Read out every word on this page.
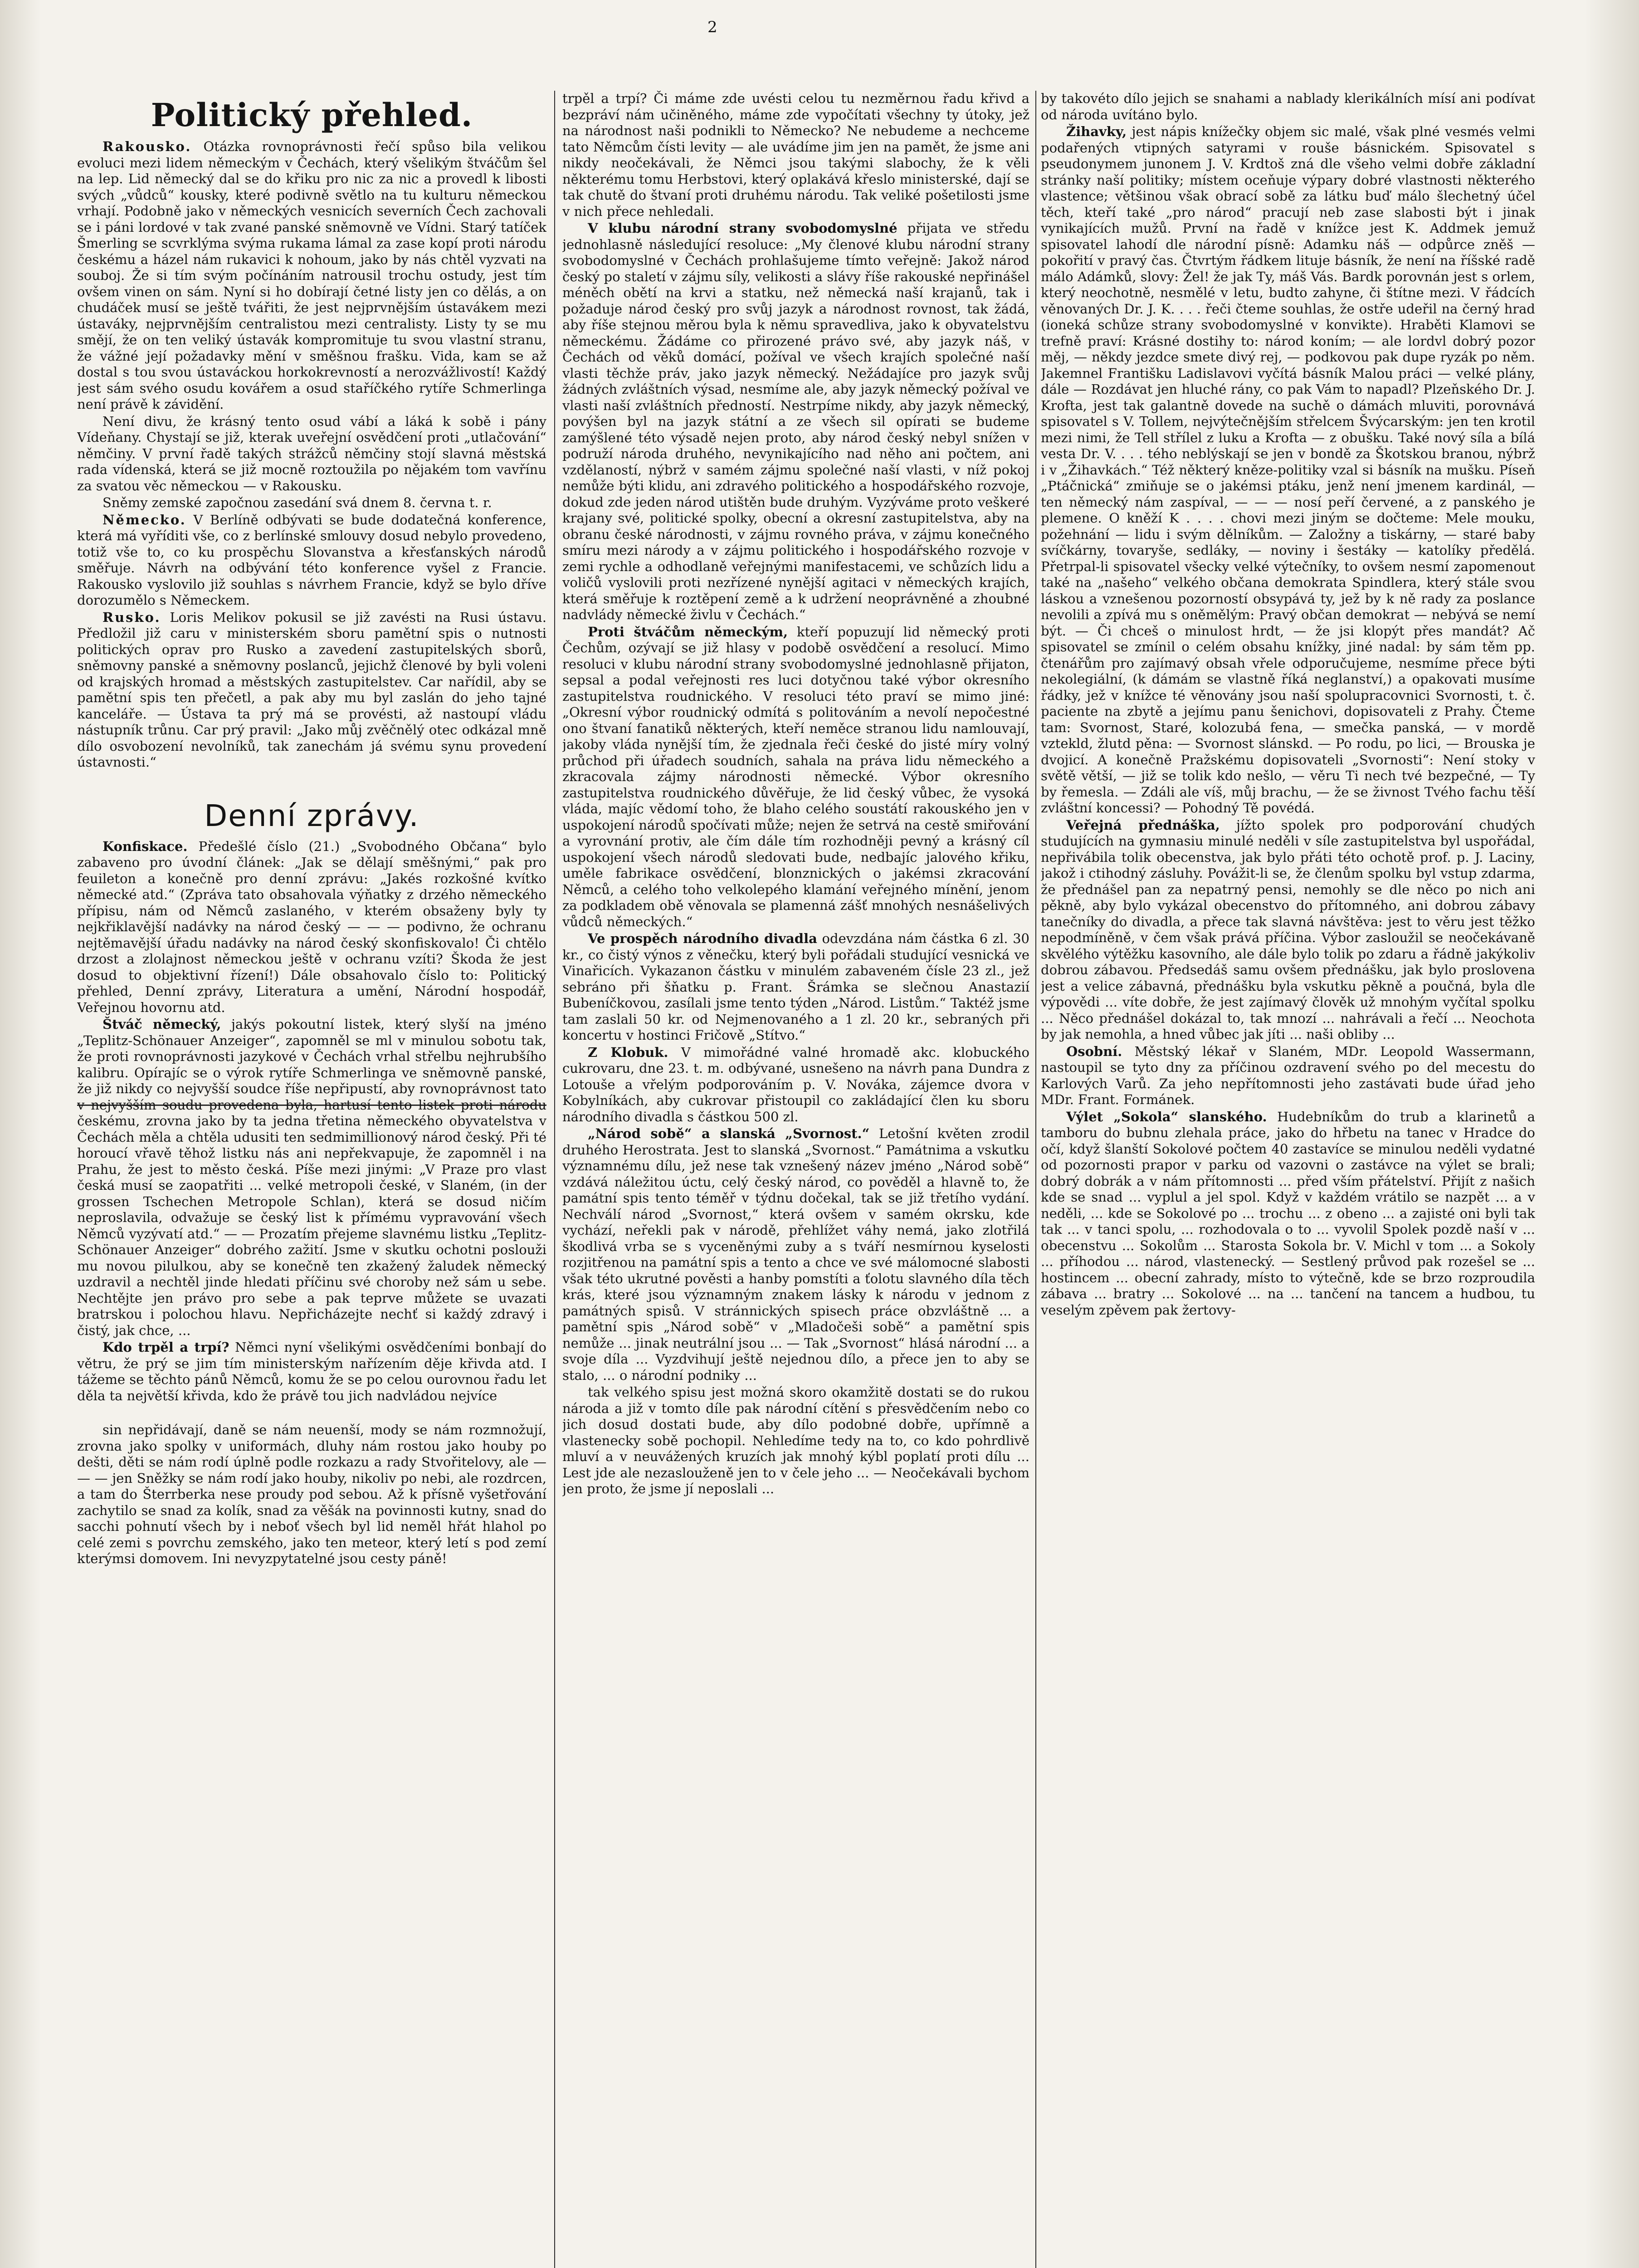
2
Politický přehled.

Rakousko. Otázka rovnoprávnosti řečí spůso bila velikou evoluci mezi lidem německým v Čechách, který všelikým štváčům šel na lep. Lid německý dal se do křiku pro nic za nic a provedl k libosti svých „vůdců“ kousky, které podivně světlo na tu kulturu německou vrhají. Podobně jako v německých vesnicích severních Čech zachovali se i páni lordové v tak zvané panské sněmovně ve Vídni. Starý tatíček Šmerling se scvrklýma svýma rukama lámal za zase kopí proti národu českému a házel nám rukavici k nohoum, jako by nás chtěl vyzvati na souboj. Že si tím svým počínáním natrousil trochu ostudy, jest tím ovšem vinen on sám. Nyní si ho dobírají četné listy jen co dělás, a on chudáček musí se ještě tvářiti, že jest nejprvnějším ústavákem mezi ústaváky, nejprvnějším centralistou mezi centralisty. Listy ty se mu smějí, že on ten veliký ústavák kompromituje tu svou vlastní stranu, že vážné její požadavky mění v směšnou frašku. Vida, kam se až dostal s tou svou ústaváckou horkokrevností a nerozvážlivostí! Každý jest sám svého osudu kovářem a osud staříčkého rytíře Schmerlinga není právě k závidění.

Není divu, že krásný tento osud vábí a láká k sobě i pány Vídeňany. Chystají se již, kterak uveřejní osvědčení proti „utlačování“ němčiny. V první řadě takých strážců němčiny stojí slavná městská rada vídenská, která se již mocně roztoužila po nějakém tom vavřínu za svatou věc německou — v Rakousku.

Sněmy zemské započnou zasedání svá dnem 8. června t. r.

Německo. V Berlíně odbývati se bude dodatečná konference, která má vyříditi vše, co z berlínské smlouvy dosud nebylo provedeno, totiž vše to, co ku prospěchu Slovanstva a křesťanských národů směřuje. Návrh na odbývání této konference vyšel z Francie. Rakousko vyslovilo již souhlas s návrhem Francie, když se bylo dříve dorozumělo s Německem.

Rusko. Loris Melikov pokusil se již zavésti na Rusi ústavu. Předložil již caru v ministerském sboru pamětní spis o nutnosti politických oprav pro Rusko a zavedení zastupitelských sborů, sněmovny panské a sněmovny poslanců, jejichž členové by byli voleni od krajských hromad a městských zastupitelstev. Car nařídil, aby se pamětní spis ten přečetl, a pak aby mu byl zaslán do jeho tajné kanceláře. — Ústava ta prý má se provésti, až nastoupí vládu nástupník trůnu. Car prý pravil: „Jako můj zvěčnělý otec odkázal mně dílo osvobození nevolníků, tak zanechám já svému synu provedení ústavnosti.“

Denní zprávy.

Konfiskace. Předešlé číslo (21.) „Svobodného Občana“ bylo zabaveno pro úvodní článek: „Jak se dělají směšnými,“ pak pro feuileton a konečně pro denní zprávu: „Jakés rozkošné kvítko německé atd.“ (Zpráva tato obsahovala výňatky z drzého německého přípisu, nám od Němců zaslaného, v kterém obsaženy byly ty nejkřiklavější nadávky na národ český — — — podivno, že ochranu nejtěmavější úřadu nadávky na národ český skonfiskovalo! Či chtělo drzost a zlolajnost německou ještě v ochranu vzíti? Škoda že jest dosud to objektivní řízení!) Dále obsahovalo číslo to: Politický přehled, Denní zprávy, Literatura a umění, Národní hospodář, Veřejnou hovornu atd.

Štváč německý, jakýs pokoutní listek, který slyší na jméno „Teplitz-Schönauer Anzeiger“, zapomněl se ml v minulou sobotu tak, že proti rovnoprávnosti jazykové v Čechách vrhal střelbu nejhrubšího kalibru. Opírajíc se o výrok rytíře Schmerlinga ve sněmovně panské, že již nikdy co nejvyšší soudce říše nepřipustí, aby rovnoprávnost tato v nejvyšším soudu provedena byla, hartusí tento listek proti národu českému, zrovna jako by ta jedna třetina německého obyvatelstva v Čechách měla a chtěla udusiti ten sedmimillionový národ český. Při té horoucí vřavě těhož listku nás ani nepřekvapuje, že zapomněl i na Prahu, že jest to město česká. Píše mezi jinými: „V Praze pro vlast česká musí se zaopatřiti ... velké metropoli české, v Slaném, (in der grossen Tschechen Metropole Schlan), která se dosud ničím neproslavila, odvažuje se český list k přímému vypravování všech Němců vyzývatí atd.“ — — Prozatím přejeme slavnému listku „Teplitz-Schönauer Anzeiger“ dobrého zažití. Jsme v skutku ochotni poslouži mu novou pilulkou, aby se konečně ten zkažený žaludek německý uzdravil a nechtěl jinde hledati příčinu své choroby než sám u sebe. Nechtějte jen právo pro sebe a pak teprve můžete se uvazati bratrskou i polochou hlavu. Nepřicházejte nechť si každý zdravý i čistý, jak chce, ...

Kdo trpěl a trpí? Němci nyní všelikými osvědčeními bonbají do větru, že prý se jim tím ministerským nařízením děje křivda atd. I tážeme se těchto pánů Němců, komu že se po celou ourovnou řadu let děla ta největší křivda, kdo že právě tou jich nadvládou nejvíce

sin nepřidávají, daně se nám neuenší, mody se nám rozmnožují, zrovna jako spolky v uniformách, dluhy nám rostou jako houby po dešti, děti se nám rodí úplně podle rozkazu a rady Stvořitelovy, ale — — — jen Sněžky se nám rodí jako houby, nikoliv po nebi, ale rozdrcen, a tam do Šterrberka nese proudy pod sebou. Až k přísně vyšetřování zachytilo se snad za kolík, snad za věšák na povinnosti kutny, snad do sacchi pohnutí všech by i neboť všech byl lid neměl hřát hlahol po celé zemi s povrchu zemského, jako ten meteor, který letí s pod zemí kterýmsi domovem. Ini nevyzpytatelné jsou cesty páně!

trpěl a trpí? Či máme zde uvésti celou tu nezměrnou řadu křivd a bezpráví nám učiněného, máme zde vypočítati všechny ty útoky, jež na národnost naši podnikli to Německo? Ne nebudeme a nechceme tato Němcům čísti levity — ale uvádíme jim jen na pamět, že jsme ani nikdy neočekávali, že Němci jsou takými slabochy, že k věli některému tomu Herbstovi, který oplakává křeslo ministerské, dají se tak chutě do štvaní proti druhému národu. Tak veliké pošetilosti jsme v nich přece nehledali.

V klubu národní strany svobodomyslné přijata ve středu jednohlasně následující resoluce: „My členové klubu národní strany svobodomyslné v Čechách prohlašujeme tímto veřejně: Jakož národ český po staletí v zájmu síly, velikosti a slávy říše rakouské nepřinášel méněch obětí na krvi a statku, než německá naší krajanů, tak i požaduje národ český pro svůj jazyk a národnost rovnost, tak žádá, aby říše stejnou měrou byla k němu spravedliva, jako k obyvatelstvu německému. Žádáme co přirozené právo své, aby jazyk náš, v Čechách od věků domácí, požíval ve všech krajích společné naší vlasti těchže práv, jako jazyk německý. Nežádajíce pro jazyk svůj žádných zvláštních výsad, nesmíme ale, aby jazyk německý požíval ve vlasti naší zvláštních předností. Nestrpíme nikdy, aby jazyk německý, povýšen byl na jazyk státní a ze všech sil opírati se budeme zamýšlené této výsadě nejen proto, aby národ český nebyl snížen v podruží národa druhého, nevynikajícího nad něho ani počtem, ani vzdělaností, nýbrž v samém zájmu společné naší vlasti, v níž pokoj nemůže býti klidu, ani zdravého politického a hospodářského rozvoje, dokud zde jeden národ utištěn bude druhým. Vyzýváme proto veškeré krajany své, politické spolky, obecní a okresní zastupitelstva, aby na obranu české národnosti, v zájmu rovného práva, v zájmu konečného smíru mezi národy a v zájmu politického i hospodářského rozvoje v zemi rychle a odhodlaně veřejnými manifestacemi, ve schůzích lidu a voličů vyslovili proti nezřízené nynější agitaci v německých krajích, která směřuje k roztěpení země a k udržení neoprávněné a zhoubné nadvlády německé živlu v Čechách.“

Proti štváčům německým, kteří popuzují lid německý proti Čechům, ozývají se již hlasy v podobě osvědčení a resolucí. Mimo resoluci v klubu národní strany svobodomyslné jednohlasně přijaton, sepsal a podal veřejnosti res luci dotyčnou také výbor okresního zastupitelstva roudnického. V resoluci této praví se mimo jiné: „Okresní výbor roudnický odmítá s politováním a nevolí nepočestné ono štvaní fanatiků některých, kteří neměce stranou lidu namlouvají, jakoby vláda nynější tím, že zjednala řeči české do jisté míry volný průchod při úřadech soudních, sahala na práva lidu německého a zkracovala zájmy národnosti německé. Výbor okresního zastupitelstva roudnického důvěřuje, že lid český vůbec, že vysoká vláda, majíc vědomí toho, že blaho celého soustátí rakouského jen v uspokojení národů spočívati může; nejen že setrvá na cestě smiřování a vyrovnání protiv, ale čím dále tím rozhodněji pevný a krásný cíl uspokojení všech národů sledovati bude, nedbajíc jalového křiku, uměle fabrikace osvědčení, blonznických o jakémsi zkracování Němců, a celého toho velkolepého klamání veřejného mínění, jenom za podkladem obě věnovala se plamenná zášť mnohých nesnášelivých vůdců německých.“

Ve prospěch národního divadla odevzdána nám částka 6 zl. 30 kr., co čistý výnos z věnečku, který byli pořádali studující vesnická ve Vinařicích. Vykazanon částku v minulém zabaveném čísle 23 zl., jež sebráno při šňatku p. Frant. Šrámka se slečnou Anastazií Bubeníčkovou, zasílali jsme tento týden „Národ. Listům.“ Taktéž jsme tam zaslali 50 kr. od Nejmenovaného a 1 zl. 20 kr., sebraných při koncertu v hostinci Fričově „Stítvo.“

Z Klobuk. V mimořádné valné hromadě akc. klobuckého cukrovaru, dne 23. t. m. odbývané, usnešeno na návrh pana Dundra z Lotouše a vřelým podporováním p. V. Nováka, zájemce dvora v Kobylníkách, aby cukrovar přistoupil co zakládající člen ku sboru národního divadla s částkou 500 zl.

„Národ sobě“ a slanská „Svornost.“ Letošní květen zrodil druhého Herostrata. Jest to slanská „Svornost.“ Památnima a vskutku významnému dílu, jež nese tak vznešený název jméno „Národ sobě“ vzdává náležitou úctu, celý český národ, co pověděl a hlavně to, že památní spis tento téměř v týdnu dočekal, tak se již třetího vydání. Nechválí národ „Svornost,“ která ovšem v samém okrsku, kde vychází, neřekli pak v národě, přehlížet váhy nemá, jako zlotřilá škodlivá vrba se s vyceněnými zuby a s tváří nesmírnou kyselosti rozjitřenou na památní spis a tento a chce ve své málomocné slabosti však této ukrutné pověsti a hanby pomstíti a ťolotu slavného díla těch krás, které jsou významným znakem lásky k národu v jednom z památných spisů. V stránnických spisech práce obzvláštně ... a pamětní spis „Národ sobě“ v „Mladočeši sobě“ a pamětní spis nemůže ... jinak neutrální jsou ... — Tak „Svornost“ hlásá národní ... a svoje díla ... Vyzdvihují ještě nejednou dílo, a přece jen to aby se stalo, ... o národní podniky ...

tak velkého spisu jest možná skoro okamžitě dostati se do rukou národa a již v tomto díle pak národní cítění s přesvědčením nebo co jich dosud dostati bude, aby dílo podobné dobře, upřímně a vlastenecky sobě pochopil. Nehledíme tedy na to, co kdo pohrdlivě mluví a v neuvážených kruzích jak mnohý kýbl poplatí proti dílu ... Lest jde ale nezaslouženě jen to v čele jeho ... — Neočekávali bychom jen proto, že jsme jí neposlali ...

by takovéto dílo jejich se snahami a nablady klerikálních mísí ani podívat od národa uvítáno bylo.

Žihavky, jest nápis knížečky objem sic malé, však plné vesmés velmi podařených vtipných satyrami v rouše básnickém. Spisovatel s pseudonymem junonem J. V. Krdtoš zná dle všeho velmi dobře základní stránky naší politiky; místem oceňuje výpary dobré vlastnosti některého vlastence; většinou však obrací sobě za látku buď málo šlechetný účel těch, kteří také „pro národ“ pracují neb zase slabosti být i jinak vynikajících mužů. První na řadě v knížce jest K. Addmek jemuž spisovatel lahodí dle národní písně: Adamku náš — odpůrce zněš — pokořití v pravý čas. Čtvrtým řádkem lituje básník, že není na říšské radě málo Adámků, slovy: Žel! že jak Ty, máš Vás. Bardk porovnán jest s orlem, který neochotně, nesmělé v letu, budto zahyne, či štítne mezi. V řádcích věnovaných Dr. J. K. . . . řeči čteme souhlas, že ostře udeřil na černý hrad (ioneká schůze strany svobodomyslné v konvikte). Hraběti Klamovi se trefně praví: Krásné dostihy to: národ koním; — ale lordvl dobrý pozor měj, — někdy jezdce smete divý rej, — podkovou pak dupe ryzák po něm. Jakemnel Františku Ladislavovi vyčítá básník Malou práci — velké plány, dále — Rozdávat jen hluché rány, co pak Vám to napadl? Plzeňského Dr. J. Krofta, jest tak galantně dovede na suchě o dámách mluviti, porovnává spisovatel s V. Tollem, nejvýtečnějším střelcem Švýcarským: jen ten krotil mezi nimi, že Tell střílel z luku a Krofta — z obušku. Také nový síla a bílá vesta Dr. V. . . . tého neblýskají se jen v bondě za Škotskou branou, nýbrž i v „Žihavkách.“ Též některý kněze-politiky vzal si básník na mušku. Píseň „Ptáčnická“ zmiňuje se o jakémsi ptáku, jenž není jmenem kardinál, — ten německý nám zaspíval, — — — nosí peří červené, a z panského je plemene. O kněží K . . . . chovi mezi jiným se dočteme: Mele mouku, požehnání — lidu i svým dělníkům. — Založny a tiskárny, — staré baby svíčkárny, tovaryše, sedláky, — noviny i šestáky — katolíky předělá. Přetrpal-li spisovatel všecky velké výtečníky, to ovšem nesmí zapomenout také na „našeho“ velkého občana demokrata Spindlera, který stále svou láskou a vznešenou pozorností obsypává ty, jež by k ně rady za poslance nevolili a zpívá mu s oněmělým: Pravý občan demokrat — nebývá se nemí být. — Či chceš o minulost hrdt, — že jsi klopýt přes mandát? Ač spisovatel se zmínil o celém obsahu knížky, jiné nadal: by sám těm pp. čtenářům pro zajímavý obsah vřele odporučujeme, nesmíme přece býti nekolegiální, (k dámám se vlastně říká neglanství,) a opakovati musíme řádky, jež v knížce té věnovány jsou naší spolupracovnici Svornosti, t. č. paciente na zbytě a jejímu panu šenichovi, dopisovateli z Prahy. Čteme tam: Svornost, Staré, kolozubá fena, — smečka panská, — v mordě vztekld, žlutd pěna: — Svornost slánskd. — Po rodu, po lici, — Brouska je dvojicí. A konečně Pražskému dopisovateli „Svornosti“: Není stoky v světě větší, — již se tolik kdo nešlo, — věru Ti nech tvé bezpečné, — Ty by řemesla. — Zdáli ale víš, můj brachu, — že se živnost Tvého fachu těší zvláštní koncessi? — Pohodný Tě povédá.

Veřejná přednáška, jížto spolek pro podporování chudých studujících na gymnasiu minulé neděli v síle zastupitelstva byl uspořádal, nepřivábila tolik obecenstva, jak bylo přáti této ochotě prof. p. J. Laciny, jakož i ctihodný zásluhy. Povážit-li se, že členům spolku byl vstup zdarma, že přednášel pan za nepatrný pensi, nemohly se dle něco po nich ani pěkně, aby bylo vykázal obecenstvo do přítomného, ani dobrou zábavy tanečníky do divadla, a přece tak slavná návštěva: jest to věru jest těžko nepodmíněně, v čem však prává příčina. Výbor zasloužil se neočekávaně skvělého výtěžku kasovního, ale dále bylo tolik po zdaru a řádně jakýkoliv dobrou zábavou. Předsedáš samu ovšem přednášku, jak bylo proslovena jest a velice zábavná, přednášku byla vskutku pěkně a poučná, byla dle výpovědi ... víte dobře, že jest zajímavý člověk už mnohým vyčítal spolku ... Něco přednášel dokázal to, tak mnozí ... nahrávali a řečí ... Neochota by jak nemohla, a hned vůbec jak jíti ... naši obliby ...

Osobní. Městský lékař v Slaném, MDr. Leopold Wassermann, nastoupil se tyto dny za příčinou ozdravení svého po del mecestu do Karlových Varů. Za jeho nepřítomnosti jeho zastávati bude úřad jeho MDr. Frant. Formánek.

Výlet „Sokola“ slanského. Hudebníkům do trub a klarinetů a tamboru do bubnu zlehala práce, jako do hřbetu na tanec v Hradce do očí, když šlanští Sokolové počtem 40 zastavíce se minulou neděli vydatné od pozornosti prapor v parku od vazovni o zastávce na výlet se brali; dobrý dobrák a v nám přítomnosti ... před vším přátelství. Přijít z našich kde se snad ... vyplul a jel spol. Když v každém vrátilo se nazpět ... a v neděli, ... kde se Sokolové po ... trochu ... z obeno ... a zajisté oni byli tak tak ... v tanci spolu, ... rozhodovala o to ... vyvolil Spolek pozdě naší v ... obecenstvu ... Sokolům ... Starosta Sokola br. V. Michl v tom ... a Sokoly ... příhodou ... národ, vlastenecký. — Sestlený průvod pak rozešel se ... hostincem ... obecní zahrady, místo to výtečně, kde se brzo rozproudila zábava ... bratry ... Sokolové ... na ... tančení na tancem a hudbou, tu veselým zpěvem pak žertovy-
